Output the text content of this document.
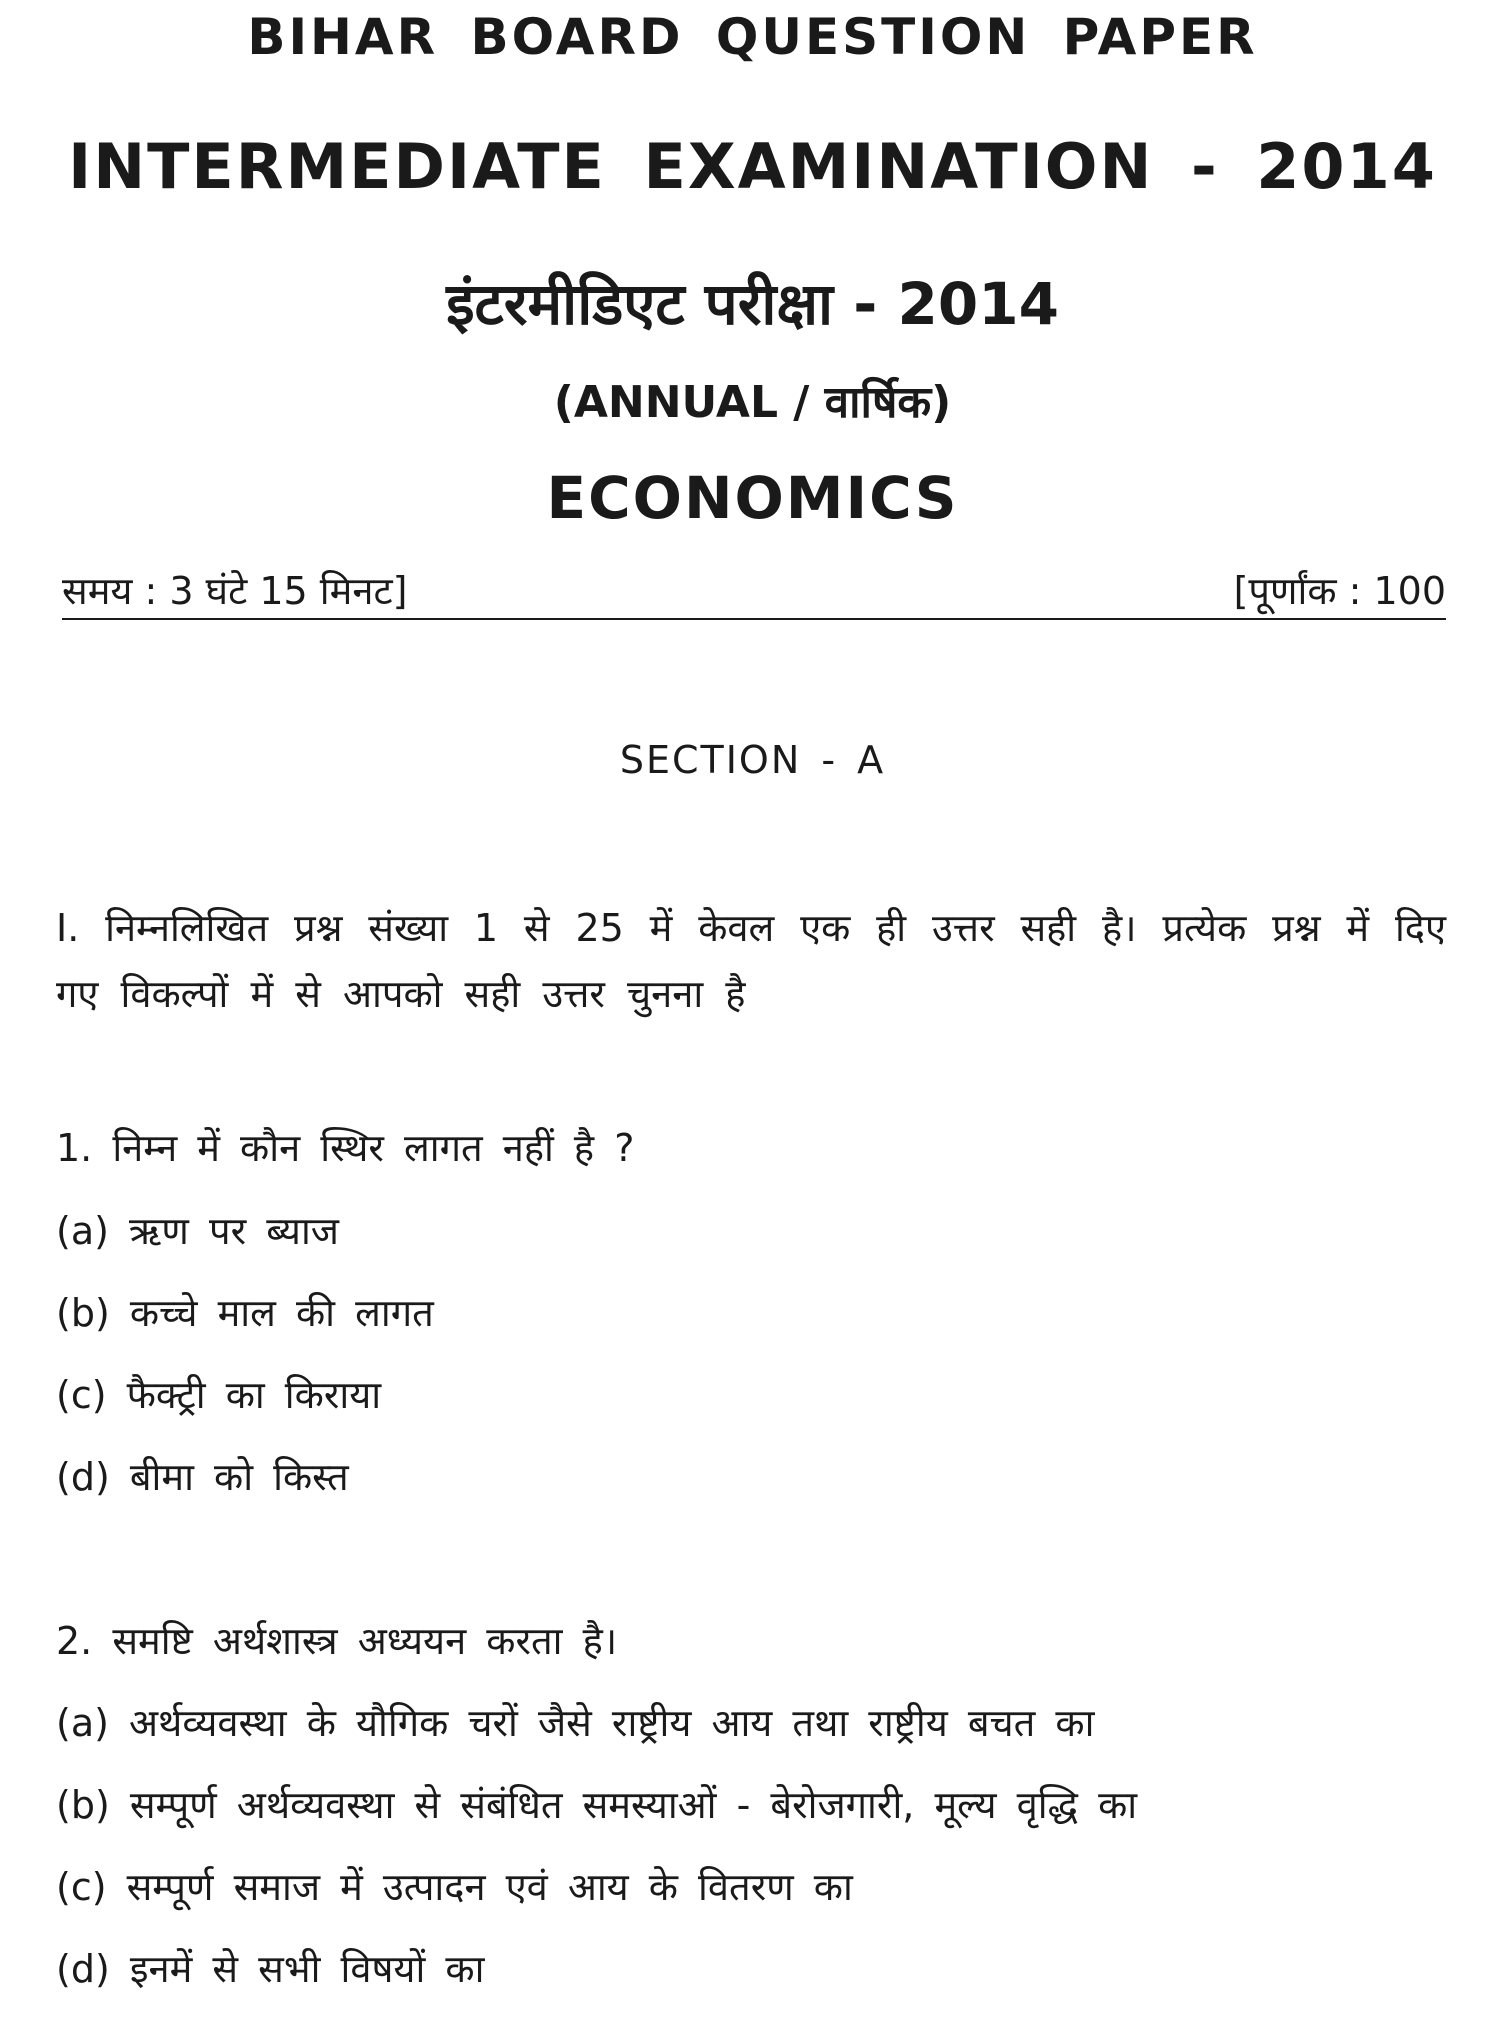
BIHAR BOARD QUESTION PAPER
INTERMEDIATE EXAMINATION - 2014
इंटरमीडिएट परीक्षा - 2014
(ANNUAL / वार्षिक)
ECONOMICS
समय : 3 घंटे 15 मिनट]	[पूर्णांक : 100
SECTION - A
I. निम्नलिखित प्रश्न संख्या 1 से 25 में केवल एक ही उत्तर सही है। प्रत्येक प्रश्न में दिए गए विकल्पों में से आपको सही उत्तर चुनना है
1. निम्न में कौन स्थिर लागत नहीं है ?
(a) ऋण पर ब्याज
(b) कच्चे माल की लागत
(c) फैक्ट्री का किराया
(d) बीमा को किस्त
2. समष्टि अर्थशास्त्र अध्ययन करता है।
(a) अर्थव्यवस्था के यौगिक चरों जैसे राष्ट्रीय आय तथा राष्ट्रीय बचत का
(b) सम्पूर्ण अर्थव्यवस्था से संबंधित समस्याओं - बेरोजगारी, मूल्य वृद्धि का
(c) सम्पूर्ण समाज में उत्पादन एवं आय के वितरण का
(d) इनमें से सभी विषयों का
